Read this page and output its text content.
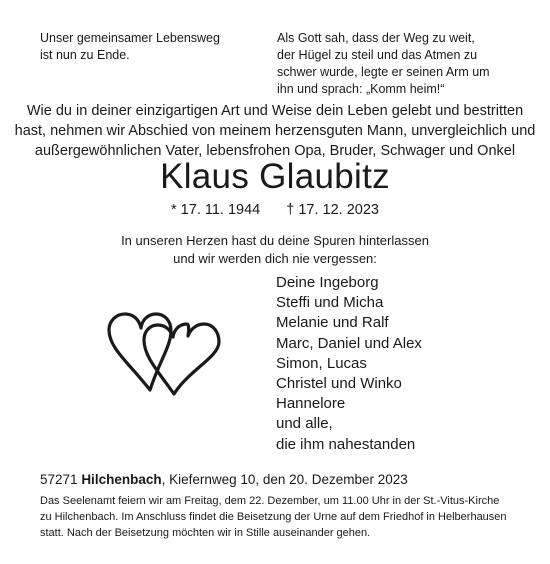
Unser gemeinsamer Lebensweg
ist nun zu Ende.
Als Gott sah, dass der Weg zu weit,
der Hügel zu steil und das Atmen zu
schwer wurde, legte er seinen Arm um
ihn und sprach: „Komm heim!“
Wie du in deiner einzigartigen Art und Weise dein Leben gelebt und bestritten
hast, nehmen wir Abschied von meinem herzensguten Mann, unvergleichlich und
außergewöhnlichen Vater, lebensfrohen Opa, Bruder, Schwager und Onkel
Klaus Glaubitz
* 17. 11. 1944 † 17. 12. 2023
In unseren Herzen hast du deine Spuren hinterlassen
und wir werden dich nie vergessen:
Deine Ingeborg
Steffi und Micha
Melanie und Ralf
Marc, Daniel und Alex
Simon, Lucas
Christel und Winko
Hannelore
und alle,
die ihm nahestanden
57271 Hilchenbach, Kiefernweg 10, den 20. Dezember 2023
Das Seelenamt feiern wir am Freitag, dem 22. Dezember, um 11.00 Uhr in der St.-Vitus-Kirche
zu Hilchenbach. Im Anschluss findet die Beisetzung der Urne auf dem Friedhof in Helberhausen
statt. Nach der Beisetzung möchten wir in Stille auseinander gehen.
